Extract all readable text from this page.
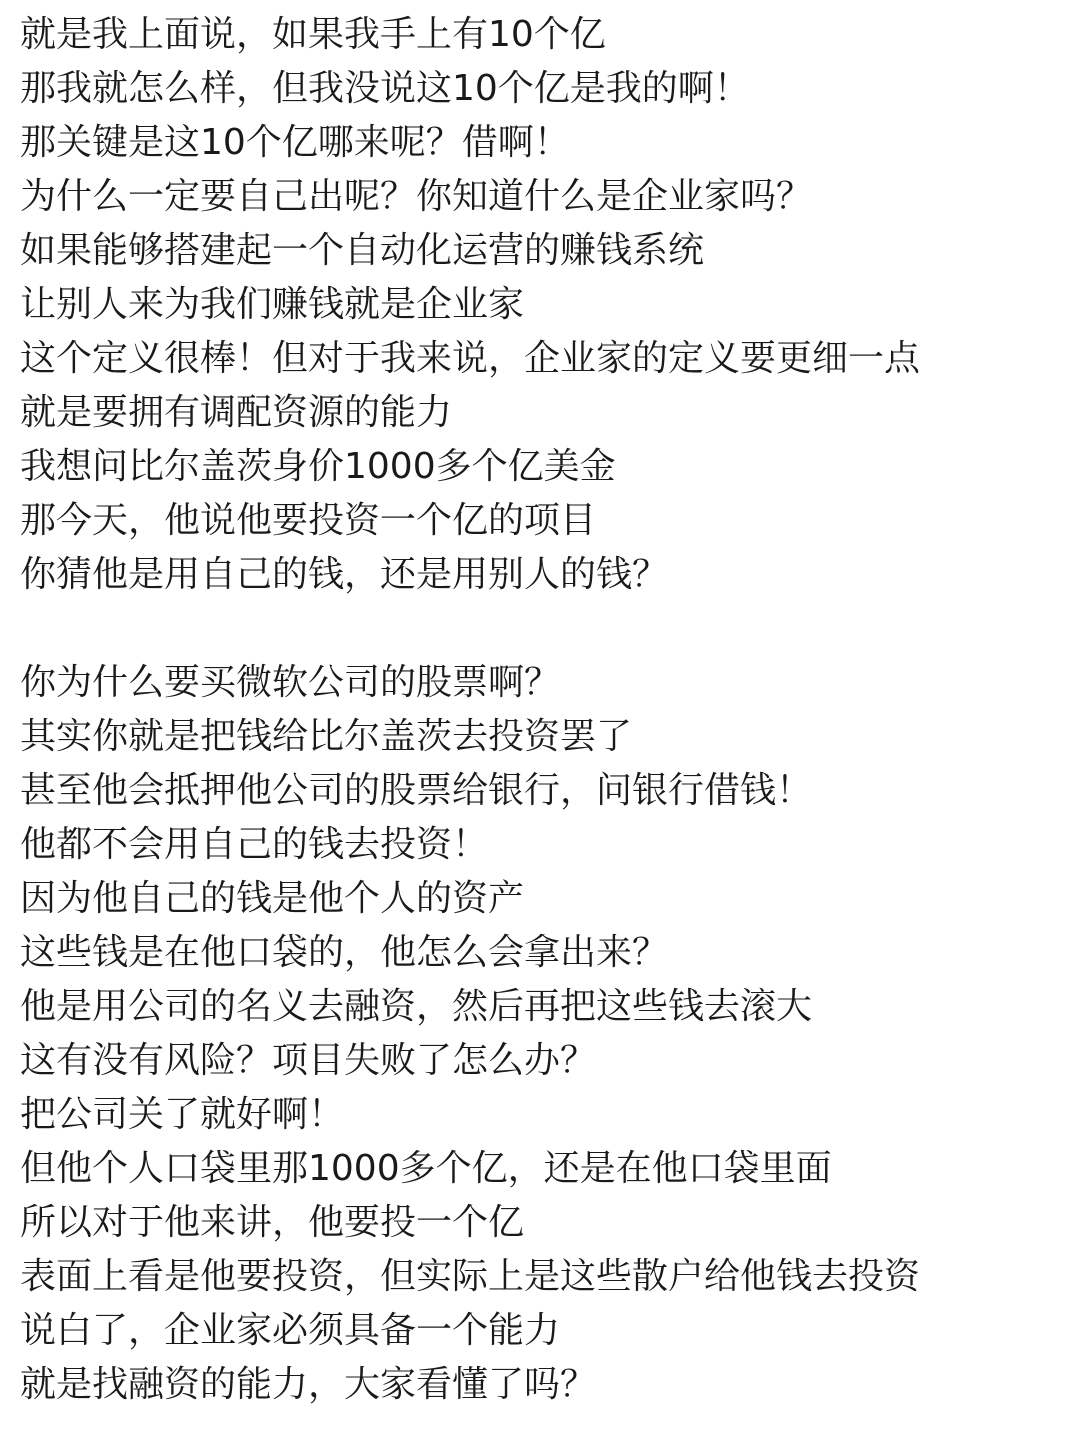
就是我上面说，如果我手上有10个亿
那我就怎么样，但我没说这10个亿是我的啊！
那关键是这10个亿哪来呢？借啊！
为什么一定要自己出呢？你知道什么是企业家吗？
如果能够搭建起一个自动化运营的赚钱系统
让别人来为我们赚钱就是企业家
这个定义很棒！但对于我来说，企业家的定义要更细一点
就是要拥有调配资源的能力
我想问比尔盖茨身价1000多个亿美金
那今天，他说他要投资一个亿的项目
你猜他是用自己的钱，还是用别人的钱？
你为什么要买微软公司的股票啊？
其实你就是把钱给比尔盖茨去投资罢了
甚至他会抵押他公司的股票给银行，问银行借钱！
他都不会用自己的钱去投资！
因为他自己的钱是他个人的资产
这些钱是在他口袋的，他怎么会拿出来？
他是用公司的名义去融资，然后再把这些钱去滚大
这有没有风险？项目失败了怎么办？
把公司关了就好啊！
但他个人口袋里那1000多个亿，还是在他口袋里面
所以对于他来讲，他要投一个亿
表面上看是他要投资，但实际上是这些散户给他钱去投资
说白了，企业家必须具备一个能力
就是找融资的能力，大家看懂了吗？
